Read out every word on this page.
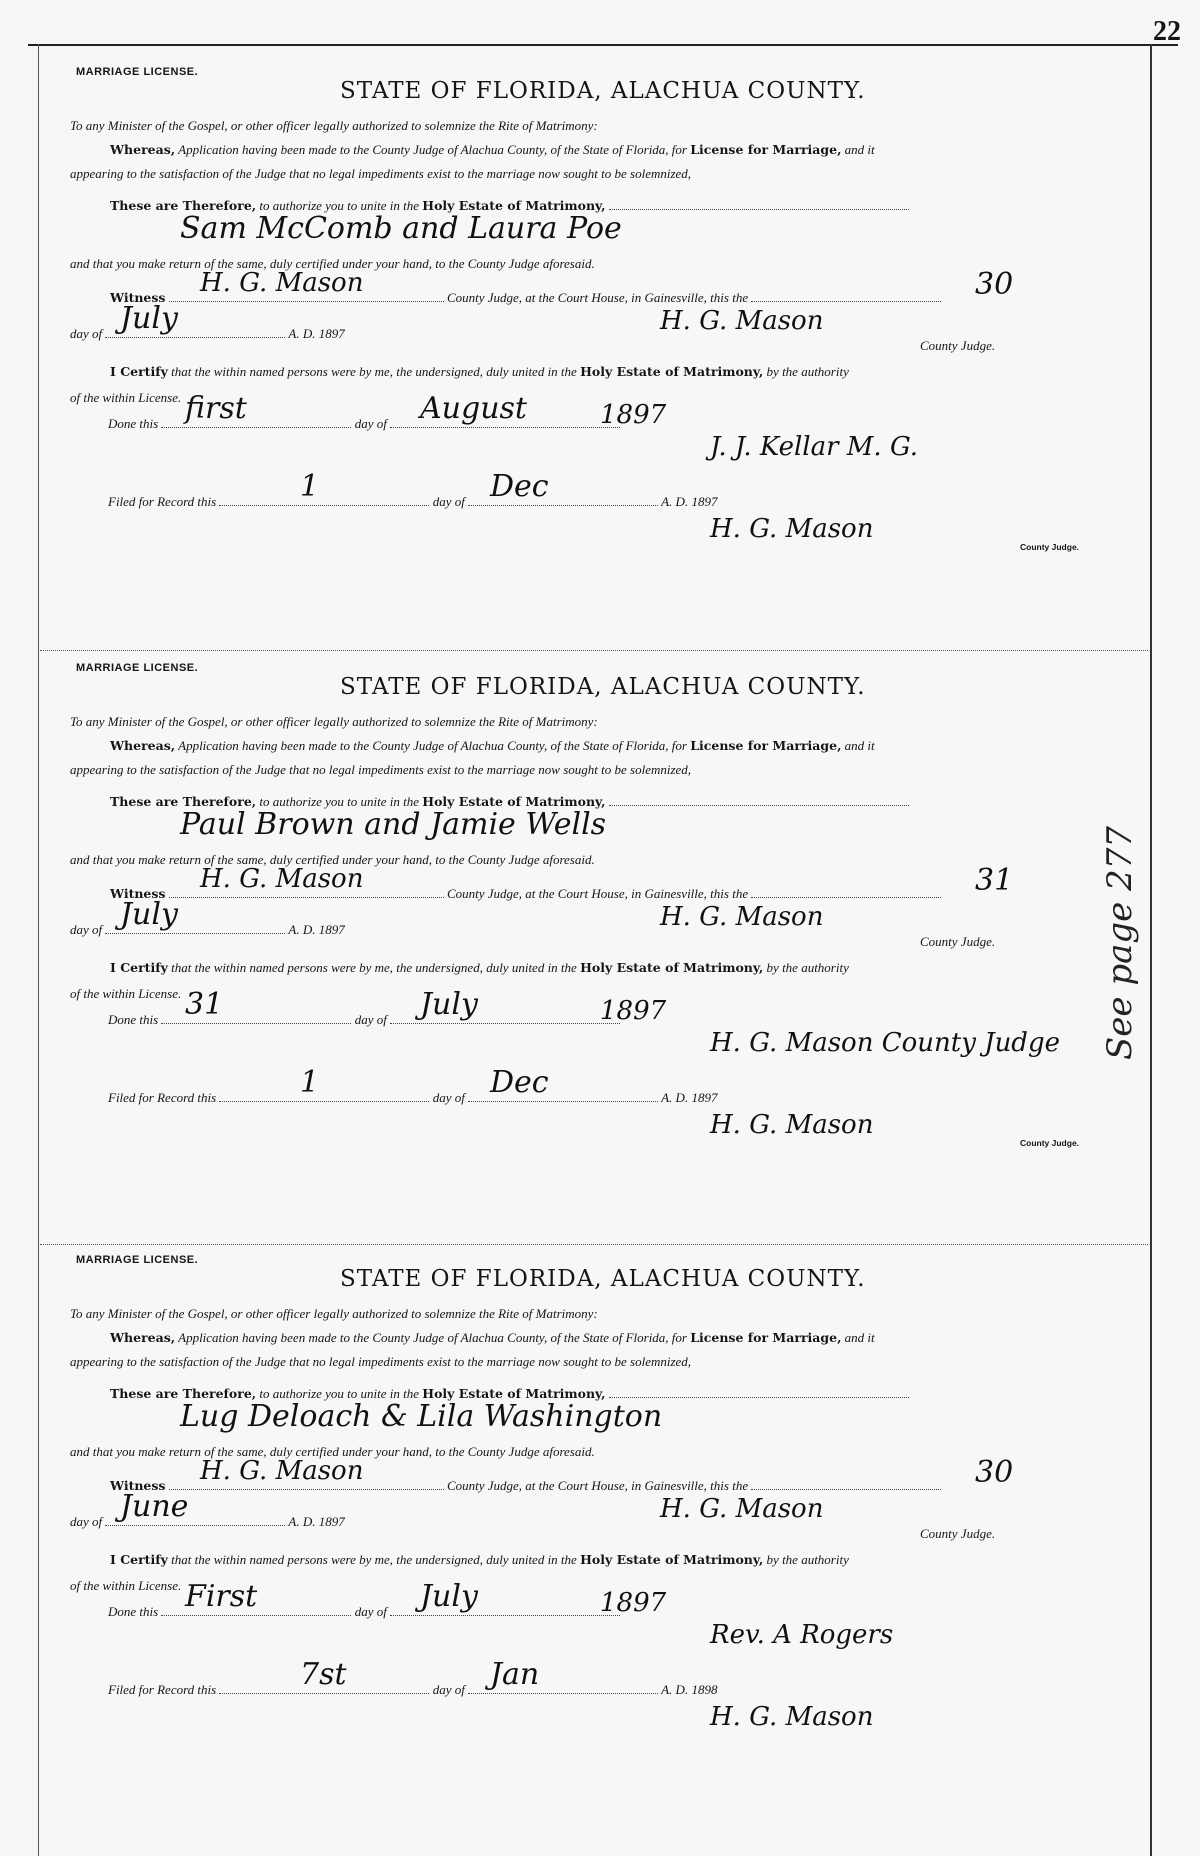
22
See page 277
MARRIAGE LICENSE.
STATE OF FLORIDA, ALACHUA COUNTY.
To any Minister of the Gospel, or other officer legally authorized to solemnize the Rite of Matrimony:
Whereas, Application having been made to the County Judge of Alachua County, of the State of Florida, for License for Marriage, and it
appearing to the satisfaction of the Judge that no legal impediments exist to the marriage now sought to be solemnized,
These are Therefore, to authorize you to unite in the Holy Estate of Matrimony,
Sam McComb and Laura Poe
and that you make return of the same, duly certified under your hand, to the County Judge aforesaid.
Witness	County Judge, at the Court House, in Gainesville, this the
H. G. Mason	30
day of	A. D. 1897
July	H. G. Mason
County Judge.
I Certify that the within named persons were by me, the undersigned, duly united in the Holy Estate of Matrimony, by the authority
of the within License.
Done this	day of
first	August	1897
J. J. Kellar M. G.
Filed for Record this	day of	A. D. 1897
1	Dec
H. G. Mason
County Judge.
MARRIAGE LICENSE.
STATE OF FLORIDA, ALACHUA COUNTY.
To any Minister of the Gospel, or other officer legally authorized to solemnize the Rite of Matrimony:
Whereas, Application having been made to the County Judge of Alachua County, of the State of Florida, for License for Marriage, and it
appearing to the satisfaction of the Judge that no legal impediments exist to the marriage now sought to be solemnized,
These are Therefore, to authorize you to unite in the Holy Estate of Matrimony,
Paul Brown and Jamie Wells
and that you make return of the same, duly certified under your hand, to the County Judge aforesaid.
Witness	County Judge, at the Court House, in Gainesville, this the
H. G. Mason	31
day of	A. D. 1897
July	H. G. Mason
County Judge.
I Certify that the within named persons were by me, the undersigned, duly united in the Holy Estate of Matrimony, by the authority
of the within License.
Done this	day of
31	July	1897
H. G. Mason County Judge
Filed for Record this	day of	A. D. 1897
1	Dec
H. G. Mason
County Judge.
MARRIAGE LICENSE.
STATE OF FLORIDA, ALACHUA COUNTY.
To any Minister of the Gospel, or other officer legally authorized to solemnize the Rite of Matrimony:
Whereas, Application having been made to the County Judge of Alachua County, of the State of Florida, for License for Marriage, and it
appearing to the satisfaction of the Judge that no legal impediments exist to the marriage now sought to be solemnized,
These are Therefore, to authorize you to unite in the Holy Estate of Matrimony,
Lug Deloach & Lila Washington
and that you make return of the same, duly certified under your hand, to the County Judge aforesaid.
Witness	County Judge, at the Court House, in Gainesville, this the
H. G. Mason	30
day of	A. D. 1897
June	H. G. Mason
County Judge.
I Certify that the within named persons were by me, the undersigned, duly united in the Holy Estate of Matrimony, by the authority
of the within License.
Done this	day of
First	July	1897
Rev. A Rogers
Filed for Record this	day of	A. D. 1898
7st	Jan
H. G. Mason
